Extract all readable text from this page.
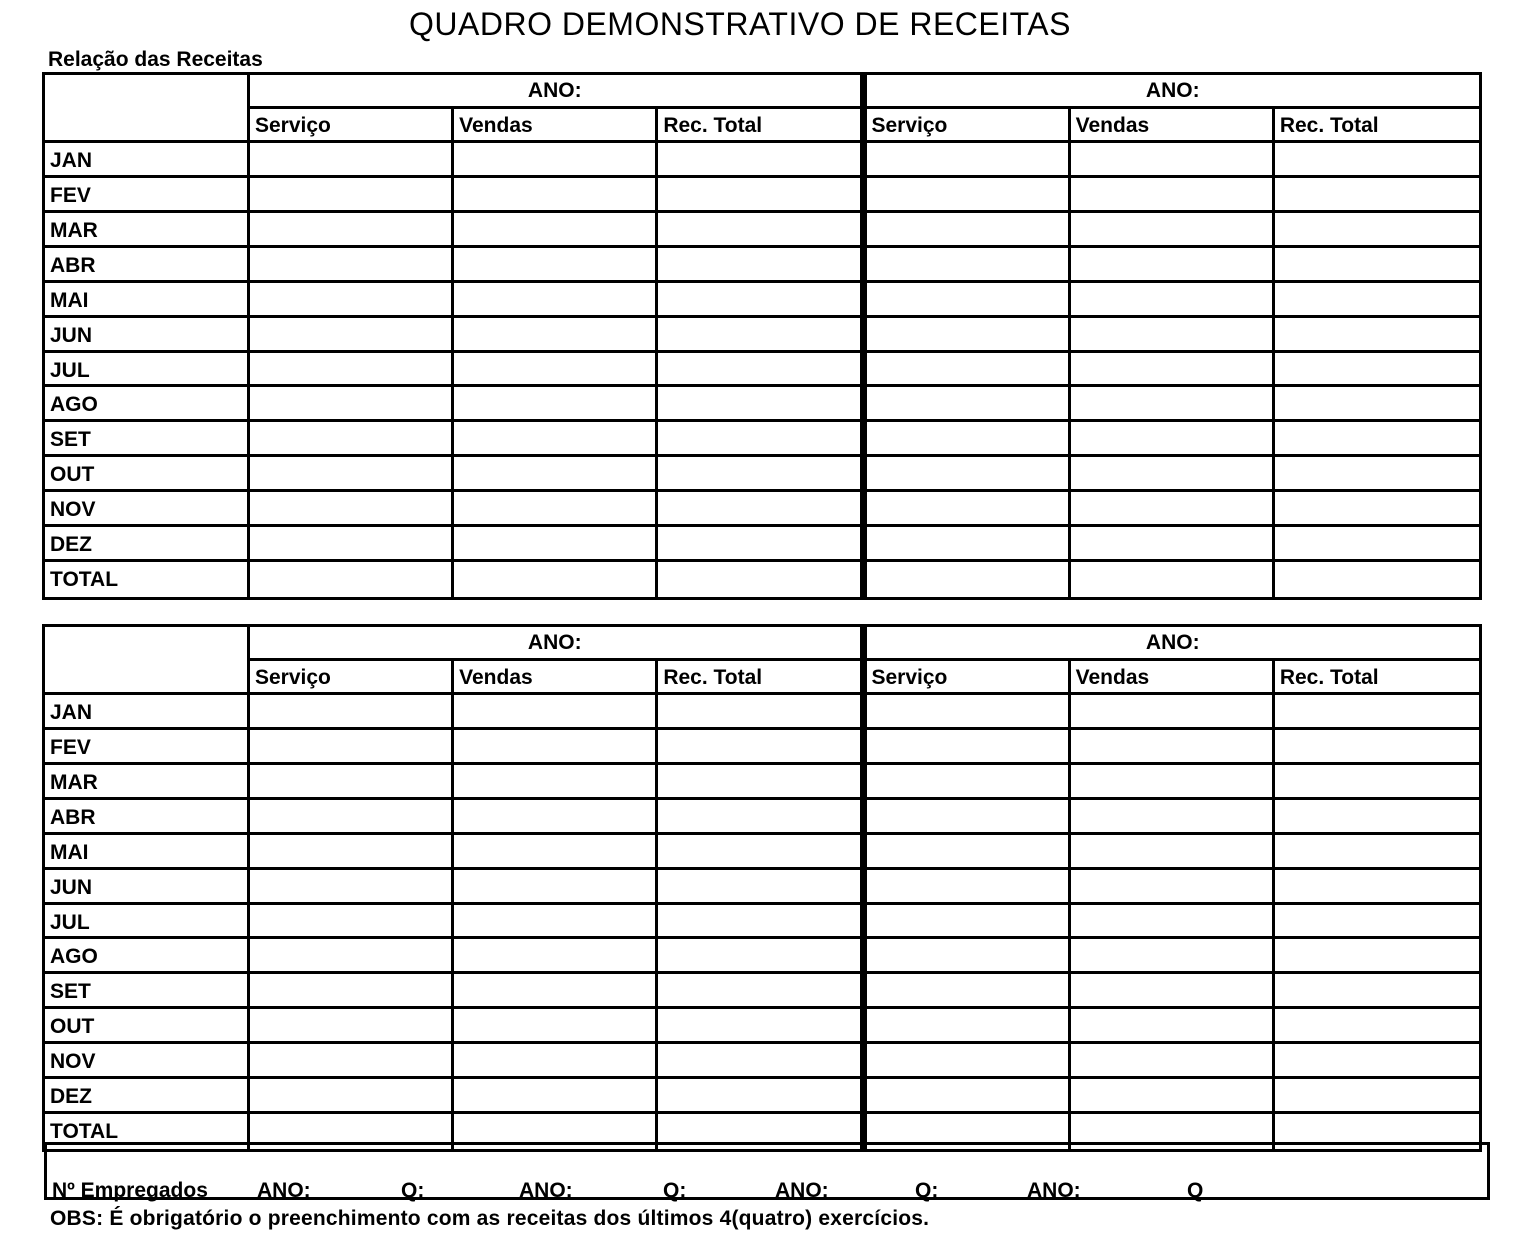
QUADRO DEMONSTRATIVO DE RECEITAS
Relação das Receitas
ANO:	ANO:
Serviço	Vendas	Rec. Total	Serviço	Vendas	Rec. Total
JAN
FEV
MAR
ABR
MAI
JUN
JUL
AGO
SET
OUT
NOV
DEZ
TOTAL
ANO:	ANO:
Serviço	Vendas	Rec. Total	Serviço	Vendas	Rec. Total
JAN
FEV
MAR
ABR
MAI
JUN
JUL
AGO
SET
OUT
NOV
DEZ
TOTAL
Nº Empregados ANO:	Q:	ANO:	Q:	ANO:	Q:	ANO:	Q
OBS: É obrigatório o preenchimento com as receitas dos últimos 4(quatro) exercícios.
